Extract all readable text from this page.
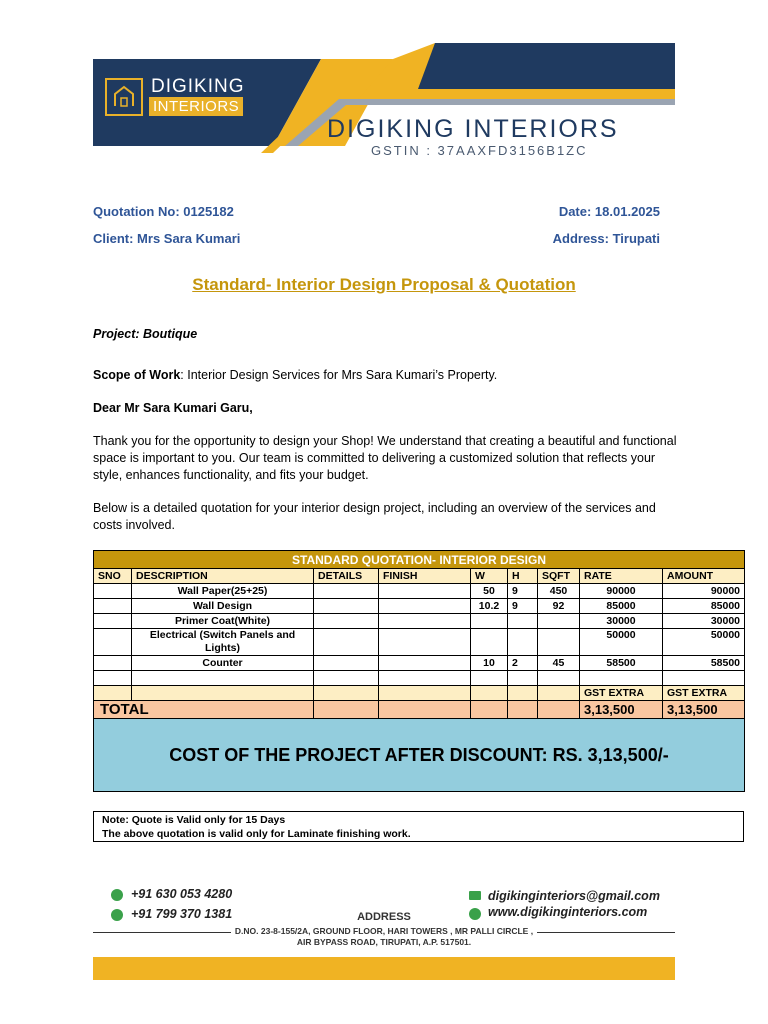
DIGIKING
INTERIORS
DIGIKING INTERIORS
GSTIN : 37AAXFD3156B1ZC
Quotation No: 0125182	Date: 18.01.2025
Client: Mrs Sara Kumari	Address: Tirupati
Standard- Interior Design Proposal & Quotation
Project: Boutique
Scope of Work: Interior Design Services for Mrs Sara Kumari’s Property.
Dear Mr Sara Kumari Garu,
Thank you for the opportunity to design your Shop! We understand that creating a beautiful and functional space is important to you. Our team is committed to delivering a customized solution that reflects your style, enhances functionality, and fits your budget.
Below is a detailed quotation for your interior design project, including an overview of the services and costs involved.
STANDARD QUOTATION- INTERIOR DESIGN								
SNO	DESCRIPTION	DETAILS	FINISH	W	H	SQFT	RATE	AMOUNT
	Wall Paper(25+25)			50	9	450	90000	90000
	Wall Design			10.2	9	92	85000	85000
	Primer Coat(White)						30000	30000
	Electrical (Switch Panels and Lights)						50000	50000
	Counter			10	2	45	58500	58500

							GST EXTRA	GST EXTRA
TOTAL							3,13,500	3,13,500
COST OF THE PROJECT AFTER DISCOUNT: RS. 3,13,500/-								
Note: Quote is Valid only for 15 Days
The above quotation is valid only for Laminate finishing work.
+91 630 053 4280
+91 799 370 1381
digikinginteriors@gmail.com
www.digikinginteriors.com
ADDRESS
D.NO. 23-8-155/2A, GROUND FLOOR, HARI TOWERS , MR PALLI CIRCLE ,
AIR BYPASS ROAD, TIRUPATI, A.P. 517501.
